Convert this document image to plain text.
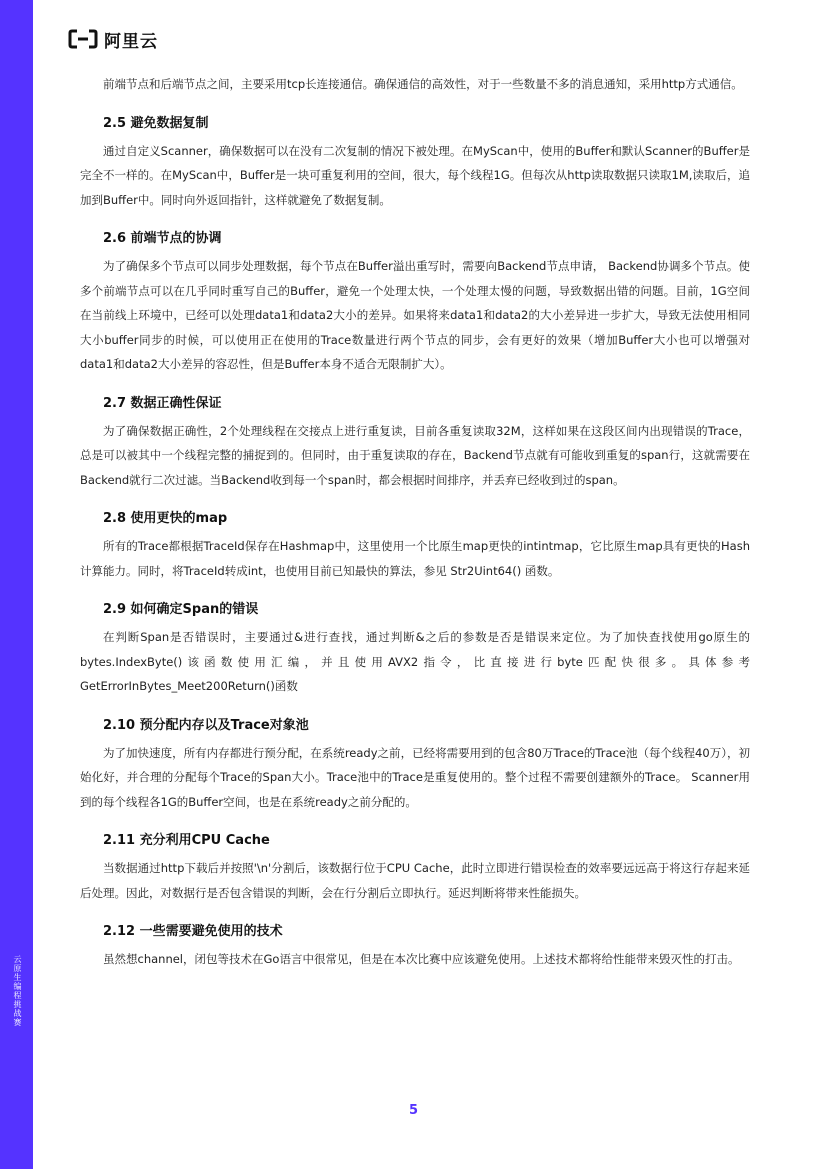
云原生编程挑战赛
阿里云

前端节点和后端节点之间，主要采用tcp长连接通信。确保通信的高效性，对于一些数量不多的消息通知，采用http方式通信。

2.5 避免数据复制

通过自定义Scanner，确保数据可以在没有二次复制的情况下被处理。在MyScan中，使用的Buffer和默认Scanner的Buffer是完全不一样的。在MyScan中，Buffer是一块可重复利用的空间，很大，每个线程1G。但每次从http读取数据只读取1M,读取后，追加到Buffer中。同时向外返回指针，这样就避免了数据复制。

2.6 前端节点的协调

为了确保多个节点可以同步处理数据，每个节点在Buffer溢出重写时，需要向Backend节点申请， Backend协调多个节点。使多个前端节点可以在几乎同时重写自己的Buffer，避免一个处理太快，一个处理太慢的问题，导致数据出错的问题。目前，1G空间在当前线上环境中，已经可以处理data1和data2大小的差异。如果将来data1和data2的大小差异进一步扩大，导致无法使用相同大小buffer同步的时候，可以使用正在使用的Trace数量进行两个节点的同步，会有更好的效果（增加Buffer大小也可以增强对data1和data2大小差异的容忍性，但是Buffer本身不适合无限制扩大）。

2.7 数据正确性保证

为了确保数据正确性，2个处理线程在交接点上进行重复读，目前各重复读取32M，这样如果在这段区间内出现错误的Trace，总是可以被其中一个线程完整的捕捉到的。但同时，由于重复读取的存在，Backend节点就有可能收到重复的span行，这就需要在Backend就行二次过滤。当Backend收到每一个span时，都会根据时间排序，并丢弃已经收到过的span。

2.8 使用更快的map

所有的Trace都根据TraceId保存在Hashmap中，这里使用一个比原生map更快的intintmap，它比原生map具有更快的Hash计算能力。同时，将TraceId转成int，也使用目前已知最快的算法，参见 Str2Uint64() 函数。

2.9 如何确定Span的错误

在判断Span是否错误时，主要通过&进行查找，通过判断&之后的参数是否是错误来定位。为了加快查找使用go原生的bytes.IndexByte()该函数使用汇编，并且使用AVX2指令，比直接进行byte匹配快很多。具体参考GetErrorInBytes_Meet200Return()函数

2.10 预分配内存以及Trace对象池

为了加快速度，所有内存都进行预分配，在系统ready之前，已经将需要用到的包含80万Trace的Trace池（每个线程40万），初始化好，并合理的分配每个Trace的Span大小。Trace池中的Trace是重复使用的。整个过程不需要创建额外的Trace。 Scanner用到的每个线程各1G的Buffer空间，也是在系统ready之前分配的。

2.11 充分利用CPU Cache

当数据通过http下载后并按照'\n'分割后，该数据行位于CPU Cache，此时立即进行错误检查的效率要远远高于将这行存起来延后处理。因此，对数据行是否包含错误的判断，会在行分割后立即执行。延迟判断将带来性能损失。

2.12 一些需要避免使用的技术

虽然想channel，闭包等技术在Go语言中很常见，但是在本次比赛中应该避免使用。上述技术都将给性能带来毁灭性的打击。

5
